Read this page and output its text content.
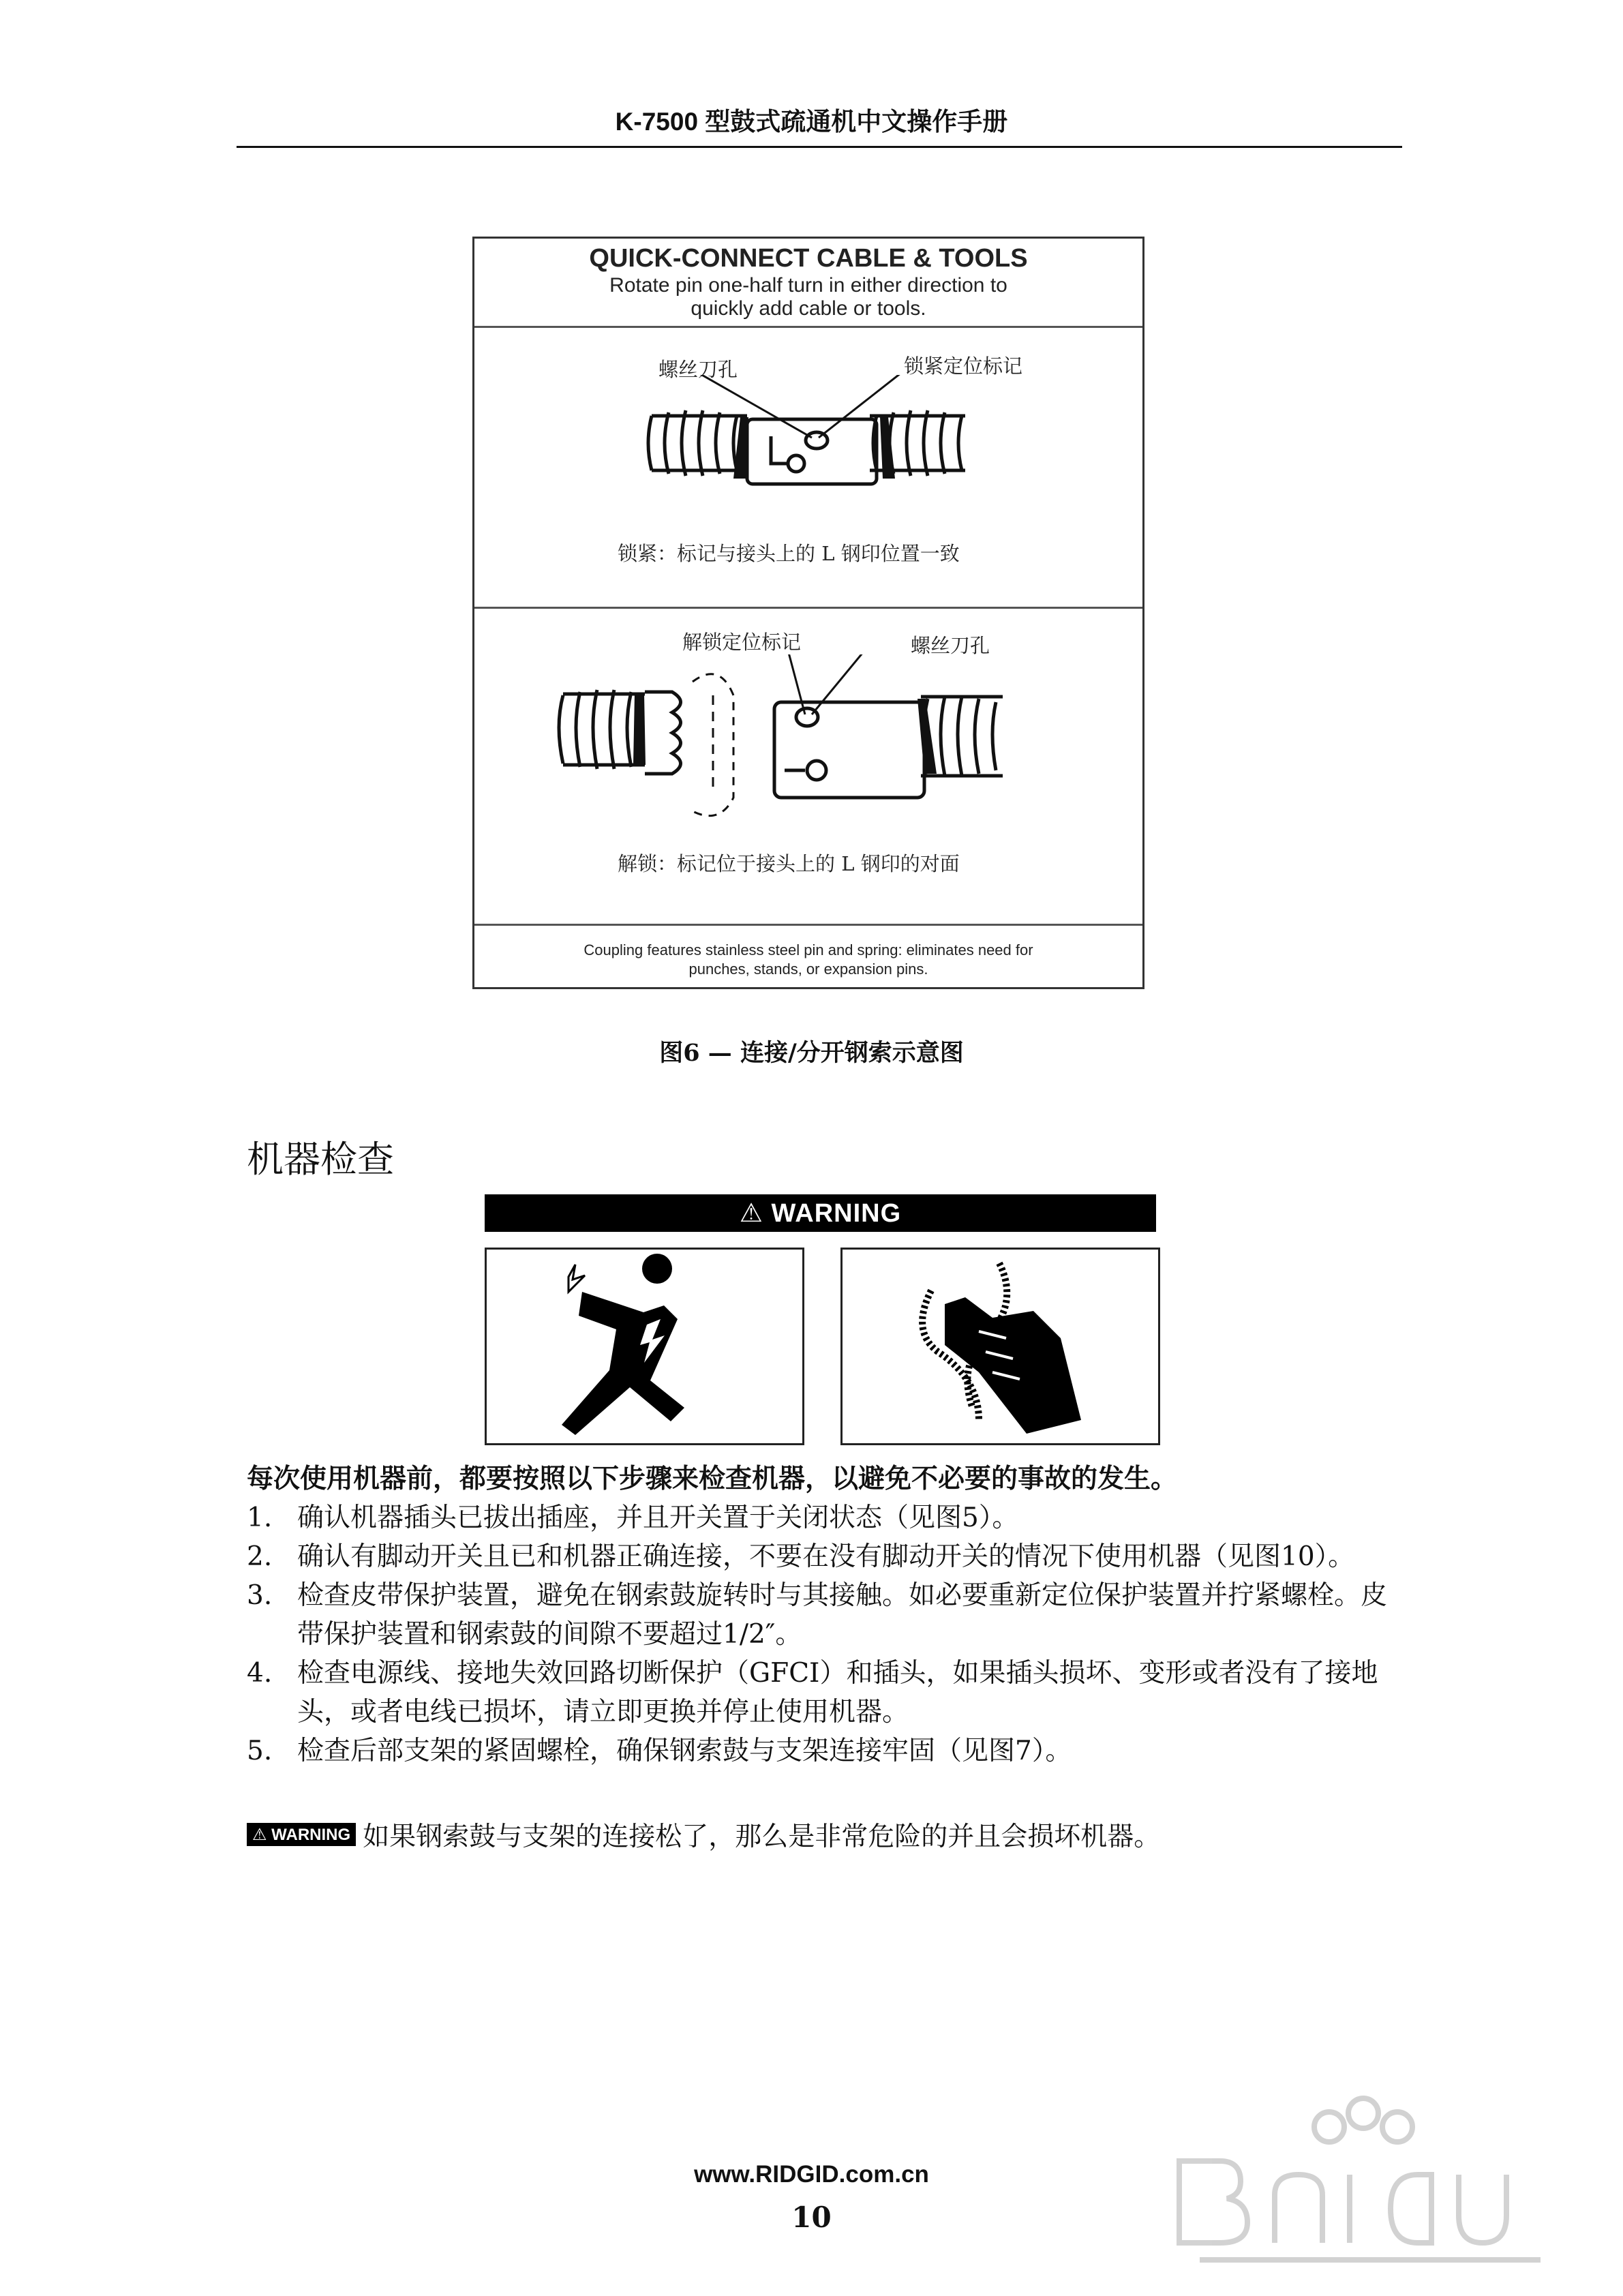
K-7500 型鼓式疏通机中文操作手册
QUICK-CONNECT CABLE & TOOLS
Rotate pin one-half turn in either direction to
quickly add cable or tools.
螺丝刀孔	锁紧定位标记
锁紧：标记与接头上的 L 钢印位置一致
解锁定位标记	螺丝刀孔
解锁：标记位于接头上的 L 钢印的对面
Coupling features stainless steel pin and spring: eliminates need for
punches, stands, or expansion pins.
图6 — 连接/分开钢索示意图
机器检查
⚠ WARNING
每次使用机器前，都要按照以下步骤来检查机器，以避免不必要的事故的发生。
1. 确认机器插头已拔出插座，并且开关置于关闭状态（见图5）。
2. 确认有脚动开关且已和机器正确连接，不要在没有脚动开关的情况下使用机器（见图10）。
3. 检查皮带保护装置，避免在钢索鼓旋转时与其接触。如必要重新定位保护装置并拧紧螺栓。皮带保护装置和钢索鼓的间隙不要超过1/2″。
4. 检查电源线、接地失效回路切断保护（GFCI）和插头，如果插头损坏、变形或者没有了接地头，或者电线已损坏，请立即更换并停止使用机器。
5. 检查后部支架的紧固螺栓，确保钢索鼓与支架连接牢固（见图7）。
⚠ WARNING 如果钢索鼓与支架的连接松了，那么是非常危险的并且会损坏机器。
www.RIDGID.com.cn
10
